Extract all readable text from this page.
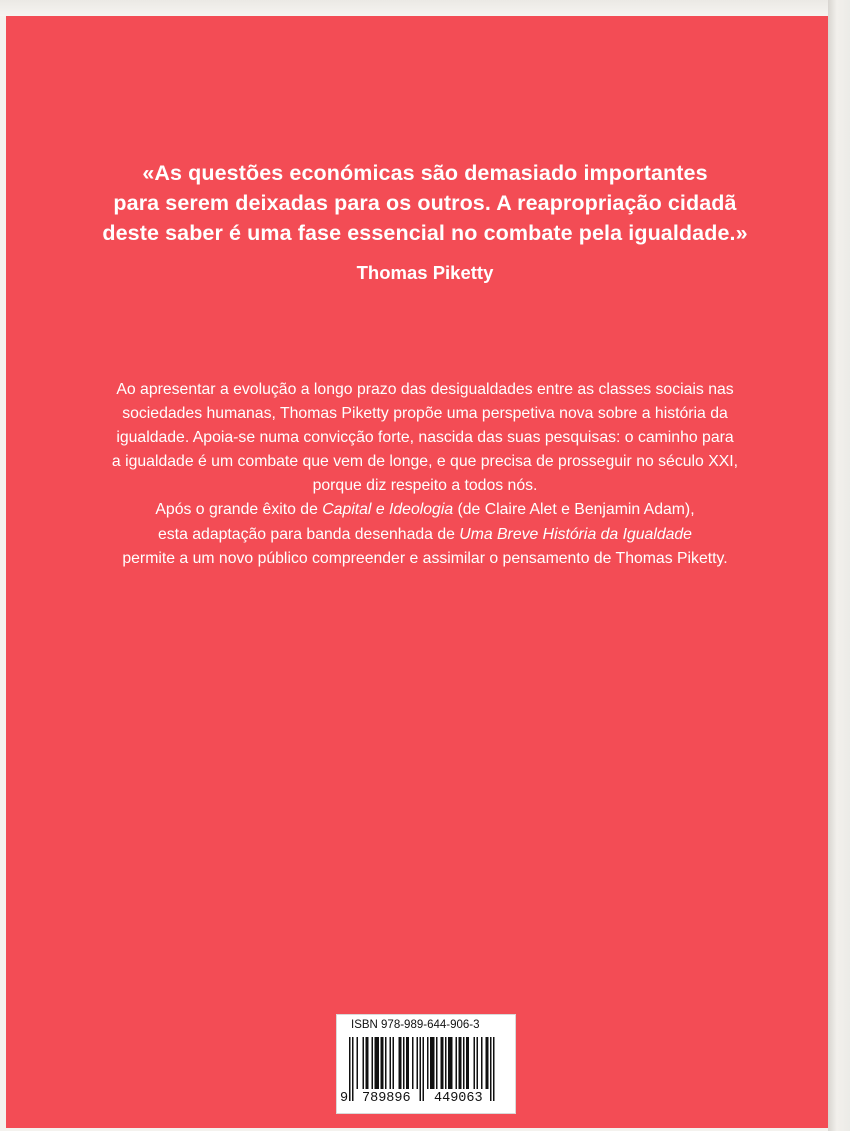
«As questões económicas são demasiado importantes
para serem deixadas para os outros. A reapropriação cidadã
deste saber é uma fase essencial no combate pela igualdade.»
Thomas Piketty
Ao apresentar a evolução a longo prazo das desigualdades entre as classes sociais nas
sociedades humanas, Thomas Piketty propõe uma perspetiva nova sobre a história da
igualdade. Apoia-se numa convicção forte, nascida das suas pesquisas: o caminho para
a igualdade é um combate que vem de longe, e que precisa de prosseguir no século XXI,
porque diz respeito a todos nós.
Após o grande êxito de Capital e Ideologia (de Claire Alet e Benjamin Adam),
esta adaptação para banda desenhada de Uma Breve História da Igualdade
permite a um novo público compreender e assimilar o pensamento de Thomas Piketty.
ISBN 978-989-644-906-3
9 789896 449063
